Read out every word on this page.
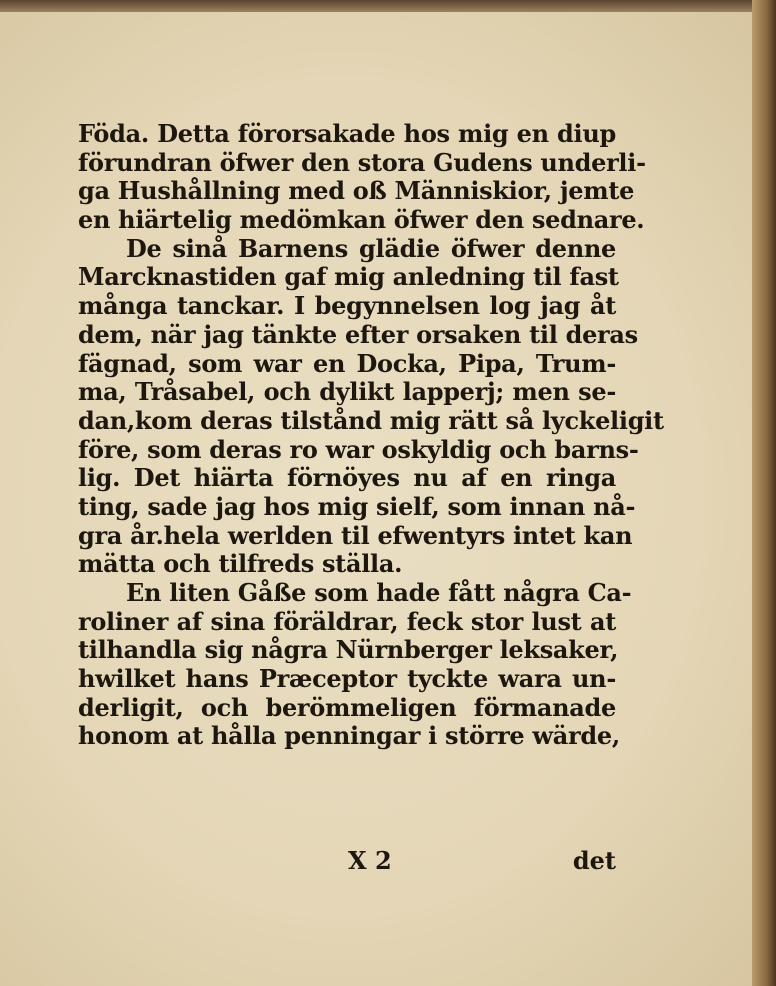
Föda. Detta förorsakade hos mig en diup
förundran öfwer den stora Gudens underli-
ga Hushållning med oß Människior, jemte
en hiärtelig medömkan öfwer den sednare.
De sinå Barnens glädie öfwer denne
Marcknastiden gaf mig anledning til fast
många tanckar. I begynnelsen log jag åt
dem, när jag tänkte efter orsaken til deras
fägnad, som war en Docka, Pipa, Trum-
ma, Tråsabel, och dylikt lapperj; men se-
dan,kom deras tilstånd mig rätt så lyckeligit
före, som deras ro war oskyldig och barns-
lig. Det hiärta förnöyes nu af en ringa
ting, sade jag hos mig sielf, som innan nå-
gra år.hela werlden til efwentyrs intet kan
mätta och tilfreds ställa.
En liten Gåße som hade fått några Ca-
roliner af sina föräldrar, feck stor lust at
tilhandla sig några Nürnberger leksaker,
hwilket hans Præceptor tyckte wara un-
derligit, och berömmeligen förmanade
honom at hålla penningar i större wärde,
X 2	det
